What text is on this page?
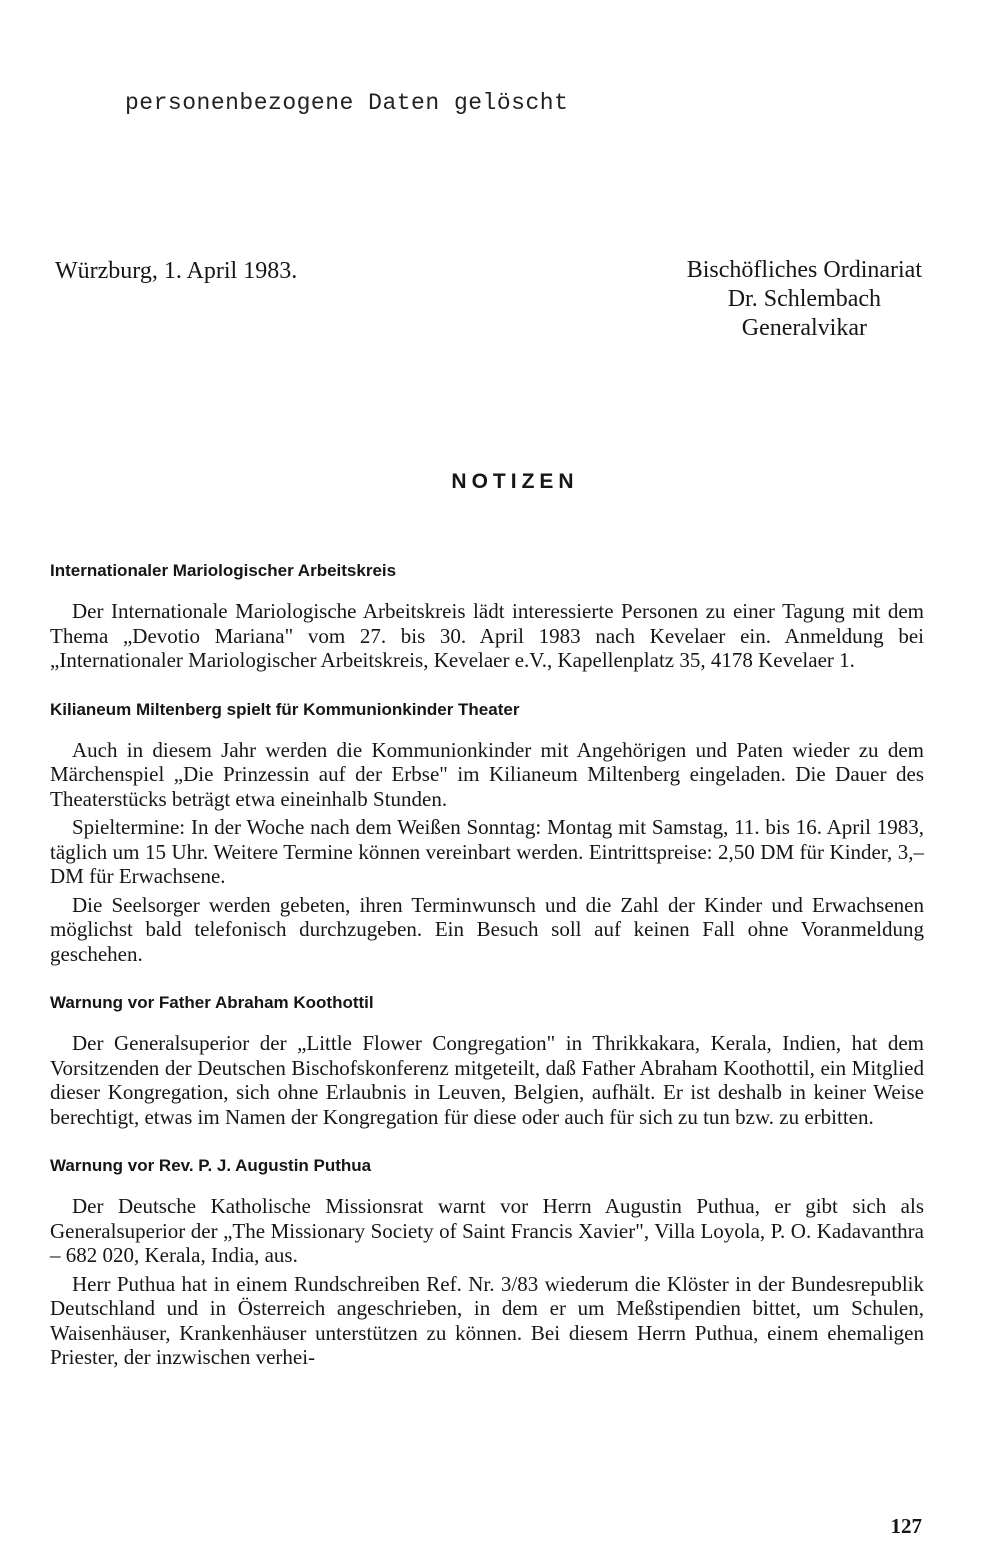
personenbezogene Daten gelöscht
Würzburg, 1. April 1983.	Bischöfliches Ordinariat
Dr. Schlembach
Generalvikar
NOTIZEN
Internationaler Mariologischer Arbeitskreis

Der Internationale Mariologische Arbeitskreis lädt interessierte Personen zu einer Tagung mit dem Thema „Devotio Mariana" vom 27. bis 30. April 1983 nach Kevelaer ein. Anmeldung bei „Internationaler Mariologischer Arbeitskreis, Kevelaer e.V., Kapellenplatz 35, 4178 Kevelaer 1.

Kilianeum Miltenberg spielt für Kommunionkinder Theater

Auch in diesem Jahr werden die Kommunionkinder mit Angehörigen und Paten wieder zu dem Märchenspiel „Die Prinzessin auf der Erbse" im Kilianeum Miltenberg eingeladen. Die Dauer des Theaterstücks beträgt etwa eineinhalb Stunden.

Spieltermine: In der Woche nach dem Weißen Sonntag: Montag mit Samstag, 11. bis 16. April 1983, täglich um 15 Uhr. Weitere Termine können vereinbart werden. Eintrittspreise: 2,50 DM für Kinder, 3,– DM für Erwachsene.

Die Seelsorger werden gebeten, ihren Terminwunsch und die Zahl der Kinder und Erwachsenen möglichst bald telefonisch durchzugeben. Ein Besuch soll auf keinen Fall ohne Voranmeldung geschehen.

Warnung vor Father Abraham Koothottil

Der Generalsuperior der „Little Flower Congregation" in Thrikkakara, Kerala, Indien, hat dem Vorsitzenden der Deutschen Bischofskonferenz mitgeteilt, daß Father Abraham Koothottil, ein Mitglied dieser Kongregation, sich ohne Erlaubnis in Leuven, Belgien, aufhält. Er ist deshalb in keiner Weise berechtigt, etwas im Namen der Kongregation für diese oder auch für sich zu tun bzw. zu erbitten.

Warnung vor Rev. P. J. Augustin Puthua

Der Deutsche Katholische Missionsrat warnt vor Herrn Augustin Puthua, er gibt sich als Generalsuperior der „The Missionary Society of Saint Francis Xavier", Villa Loyola, P. O. Kadavanthra – 682 020, Kerala, India, aus.

Herr Puthua hat in einem Rundschreiben Ref. Nr. 3/83 wiederum die Klöster in der Bundesrepublik Deutschland und in Österreich angeschrieben, in dem er um Meßstipendien bittet, um Schulen, Waisenhäuser, Krankenhäuser unterstützen zu können. Bei diesem Herrn Puthua, einem ehemaligen Priester, der inzwischen verhei-

127
